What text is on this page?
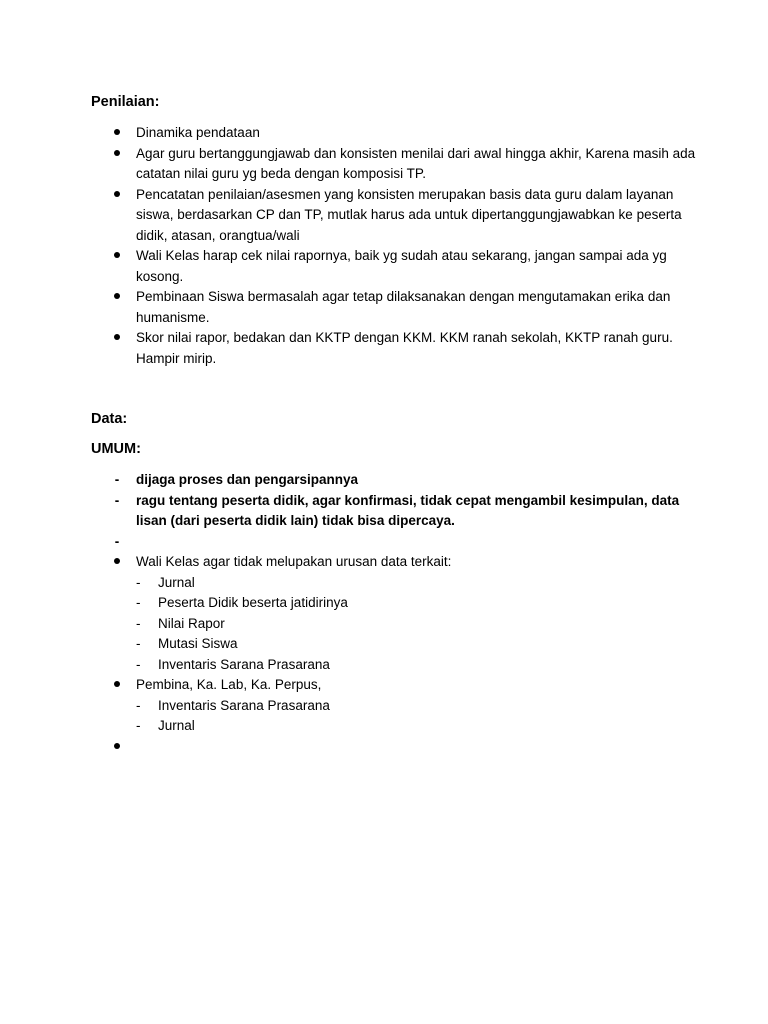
Penilaian:
Dinamika pendataan
Agar guru bertanggungjawab dan konsisten menilai dari awal hingga akhir, Karena masih ada catatan nilai guru yg beda dengan komposisi TP.
Pencatatan penilaian/asesmen yang konsisten merupakan basis data guru dalam layanan siswa, berdasarkan CP dan TP, mutlak harus ada untuk dipertanggungjawabkan ke peserta didik, atasan, orangtua/wali
Wali Kelas harap cek nilai rapornya, baik yg sudah atau sekarang, jangan sampai ada yg kosong.
Pembinaan Siswa bermasalah agar tetap dilaksanakan dengan mengutamakan erika dan humanisme.
Skor nilai rapor, bedakan dan KKTP dengan KKM. KKM ranah sekolah, KKTP ranah guru. Hampir mirip.
Data:
UMUM:
-	dijaga proses dan pengarsipannya
-	ragu tentang peserta didik, agar konfirmasi, tidak cepat mengambil kesimpulan, data lisan (dari peserta didik lain) tidak bisa dipercaya.
-

Wali Kelas agar tidak melupakan urusan data terkait:
-	Jurnal
-	Peserta Didik beserta jatidirinya
-	Nilai Rapor
-	Mutasi Siswa
-	Inventaris Sarana Prasarana
Pembina, Ka. Lab, Ka. Perpus,
-	Inventaris Sarana Prasarana
-	Jurnal
